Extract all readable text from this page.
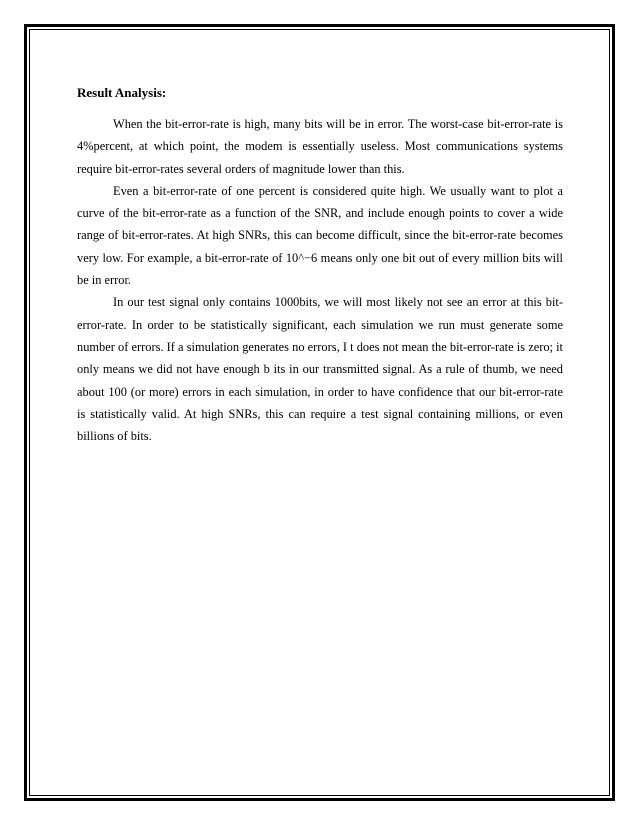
Result Analysis:

When the bit-error-rate is high, many bits will be in error. The worst-case bit-error-rate is 4%percent, at which point, the modem is essentially useless. Most communications systems require bit-error-rates several orders of magnitude lower than this.

Even a bit-error-rate of one percent is considered quite high. We usually want to plot a curve of the bit-error-rate as a function of the SNR, and include enough points to cover a wide range of bit-error-rates. At high SNRs, this can become difficult, since the bit-error-rate becomes very low. For example, a bit-error-rate of 10^−6 means only one bit out of every million bits will be in error.

In our test signal only contains 1000bits, we will most likely not see an error at this bit-error-rate. In order to be statistically significant, each simulation we run must generate some number of errors. If a simulation generates no errors, I t does not mean the bit-error-rate is zero; it only means we did not have enough b its in our transmitted signal. As a rule of thumb, we need about 100 (or more) errors in each simulation, in order to have confidence that our bit-error-rate is statistically valid. At high SNRs, this can require a test signal containing millions, or even billions of bits.
